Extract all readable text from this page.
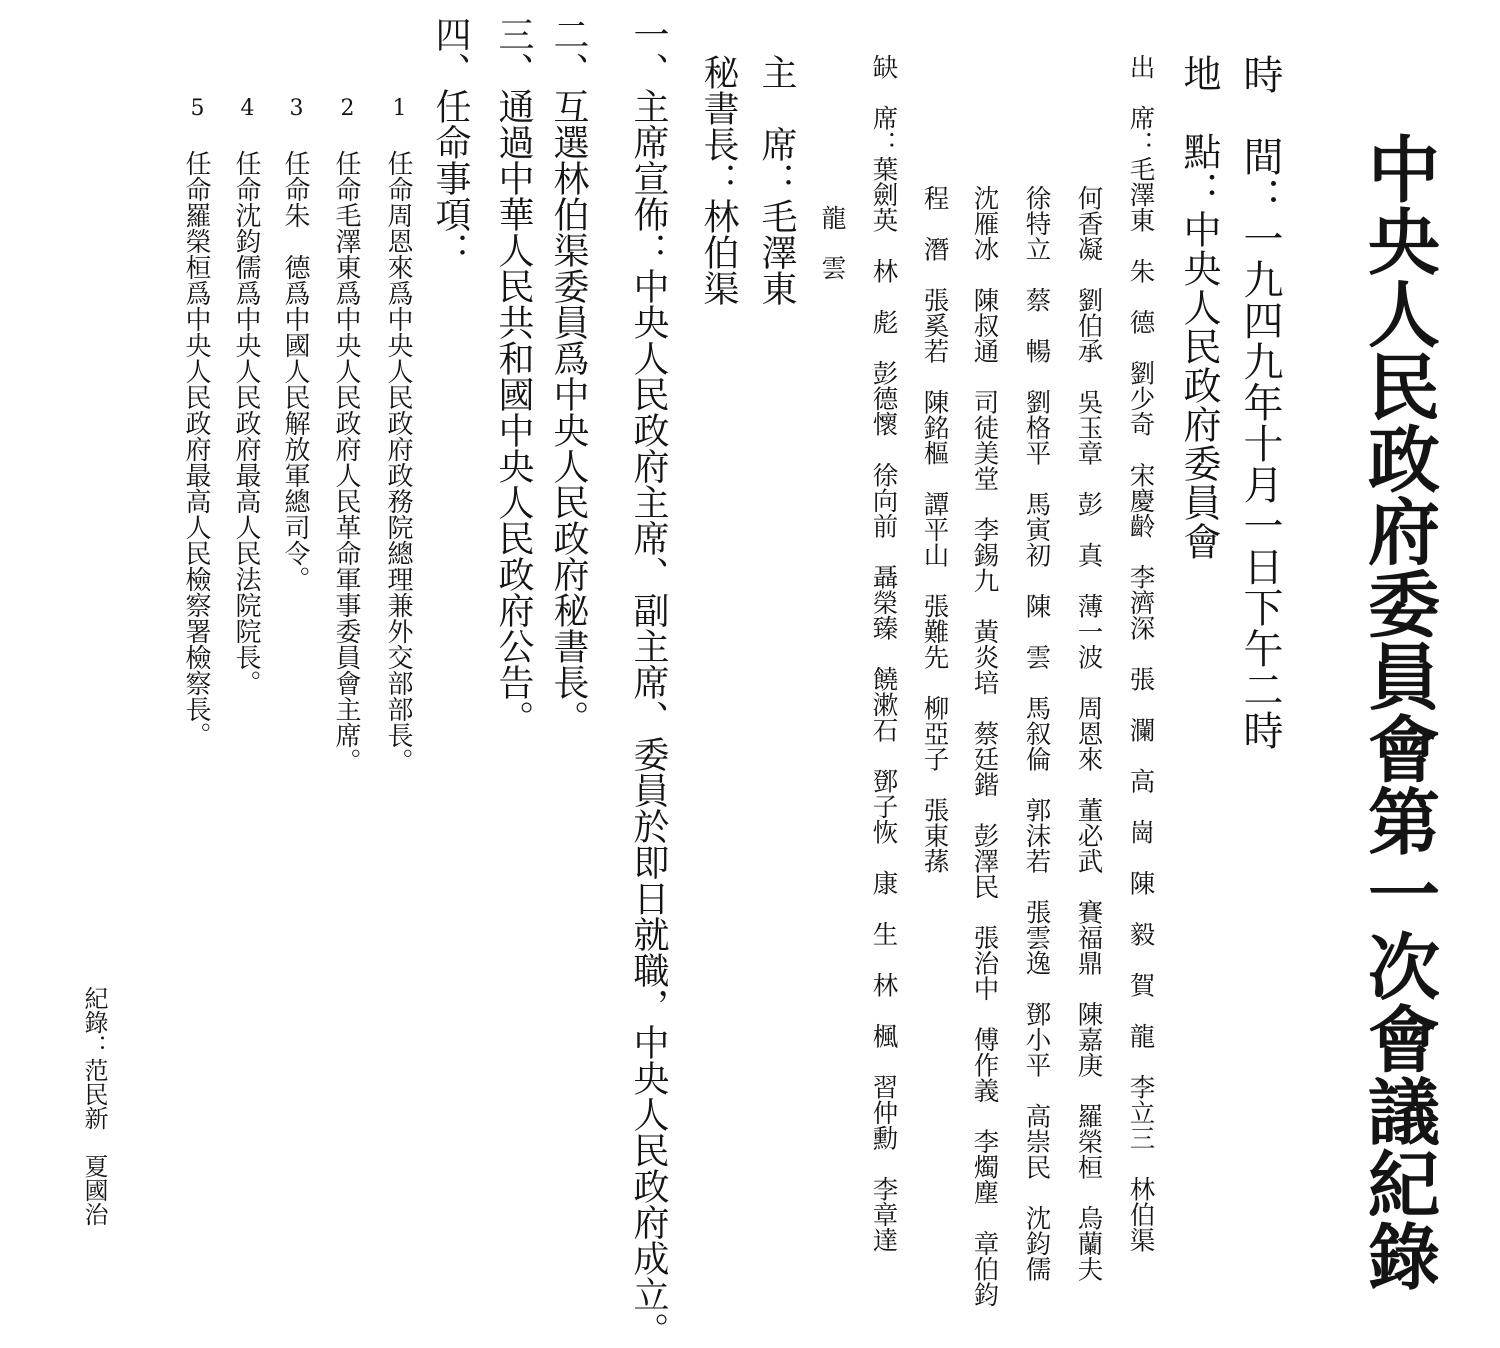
中央人民政府委員會第一次會議紀錄
時　間：一九四九年十月一日下午二時
地　點：中央人民政府委員會
出　席：毛澤東　朱　德　劉少奇　宋慶齡　李濟深　張　瀾　高　崗　陳　毅　賀　龍　李立三　林伯渠
何香凝　劉伯承　吳玉章　彭　真　薄一波　周恩來　董必武　賽福鼎　陳嘉庚　羅榮桓　烏蘭夫
徐特立　蔡　暢　劉格平　馬寅初　陳　雲　馬叙倫　郭沫若　張雲逸　鄧小平　高崇民　沈鈞儒
沈雁冰　陳叔通　司徒美堂　李錫九　黃炎培　蔡廷鍇　彭澤民　張治中　傅作義　李燭塵　章伯鈞
程　潛　張奚若　陳銘樞　譚平山　張難先　柳亞子　張東蓀
龍　雲 缺　席：葉劍英　林　彪　彭德懷　徐向前　聶榮臻　饒漱石　鄧子恢　康　生　林　楓　習仲勳　李章達
主　席：毛澤東
秘書長：林伯渠
一、主席宣佈：中央人民政府主席、副主席、委員於即日就職，中央人民政府成立。
二、互選林伯渠委員爲中央人民政府秘書長。
三、通過中華人民共和國中央人民政府公告。
四、任命事項：
1
任命周恩來爲中央人民政府政務院總理兼外交部部長。
2
任命毛澤東爲中央人民政府人民革命軍事委員會主席。
3
任命朱　德爲中國人民解放軍總司令。
4
任命沈鈞儒爲中央人民政府最高人民法院院長。
5
任命羅榮桓爲中央人民政府最高人民檢察署檢察長。
紀錄：范民新　夏國治
